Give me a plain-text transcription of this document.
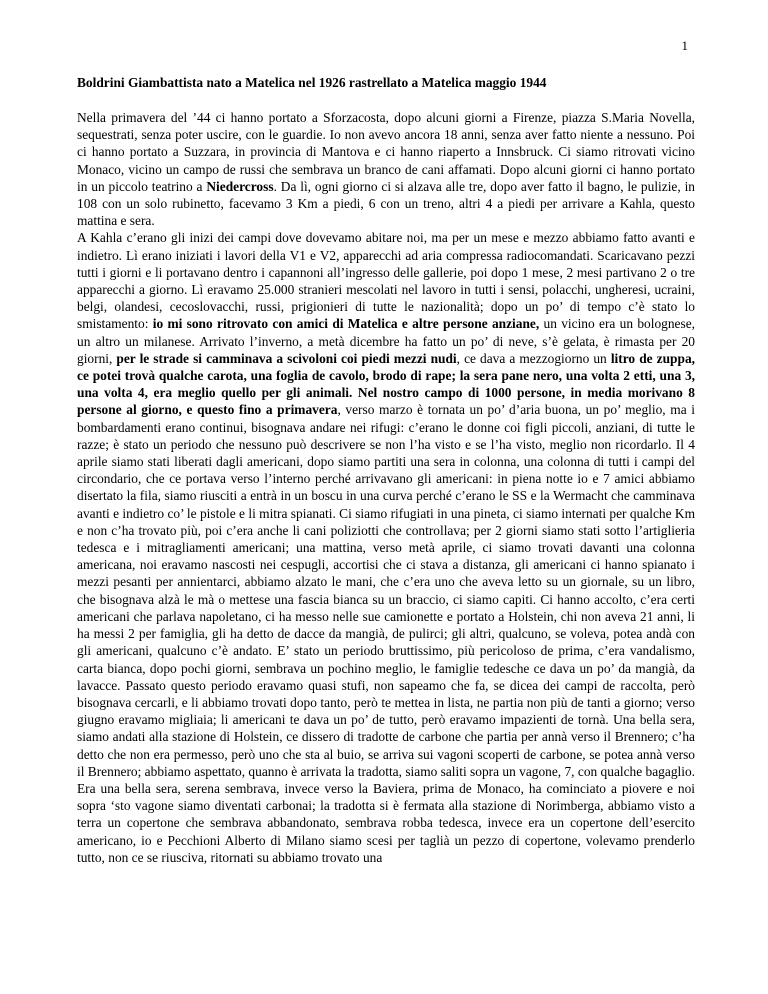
1

Boldrini Giambattista nato a Matelica nel 1926 rastrellato a Matelica maggio 1944

Nella primavera del ’44 ci hanno portato a Sforzacosta, dopo alcuni giorni a Firenze, piazza S.Maria Novella, sequestrati, senza poter uscire, con le guardie. Io non avevo ancora 18 anni, senza aver fatto niente a nessuno. Poi ci hanno portato a Suzzara, in provincia di Mantova e ci hanno riaperto a Innsbruck. Ci siamo ritrovati vicino Monaco, vicino un campo de russi che sembrava un branco de cani affamati. Dopo alcuni giorni ci hanno portato in un piccolo teatrino a Niedercross. Da lì, ogni giorno ci si alzava alle tre, dopo aver fatto il bagno, le pulizie, in 108 con un solo rubinetto, facevamo 3 Km a piedi, 6 con un treno, altri 4 a piedi per arrivare a Kahla, questo mattina e sera.

A Kahla c’erano gli inizi dei campi dove dovevamo abitare noi, ma per un mese e mezzo abbiamo fatto avanti e indietro. Lì erano iniziati i lavori della V1 e V2, apparecchi ad aria compressa radiocomandati. Scaricavano pezzi tutti i giorni e li portavano dentro i capannoni all’ingresso delle gallerie, poi dopo 1 mese, 2 mesi partivano 2 o tre apparecchi a giorno. Lì eravamo 25.000 stranieri mescolati nel lavoro in tutti i sensi, polacchi, ungheresi, ucraini, belgi, olandesi, cecoslovacchi, russi, prigionieri di tutte le nazionalità; dopo un po’ di tempo c’è stato lo smistamento: io mi sono ritrovato con amici di Matelica e altre persone anziane, un vicino era un bolognese, un altro un milanese. Arrivato l’inverno, a metà dicembre ha fatto un po’ di neve, s’è gelata, è rimasta per 20 giorni, per le strade si camminava a scivoloni coi piedi mezzi nudi, ce dava a mezzogiorno un litro de zuppa, ce potei trovà qualche carota, una foglia de cavolo, brodo di rape; la sera pane nero, una volta 2 etti, una 3, una volta 4, era meglio quello per gli animali. Nel nostro campo di 1000 persone, in media morivano 8 persone al giorno, e questo fino a primavera, verso marzo è tornata un po’ d’aria buona, un po’ meglio, ma i bombardamenti erano continui, bisognava andare nei rifugi: c’erano le donne coi figli piccoli, anziani, di tutte le razze; è stato un periodo che nessuno può descrivere se non l’ha visto e se l’ha visto, meglio non ricordarlo. Il 4 aprile siamo stati liberati dagli americani, dopo siamo partiti una sera in colonna, una colonna di tutti i campi del circondario, che ce portava verso l’interno perché arrivavano gli americani: in piena notte io e 7 amici abbiamo disertato la fila, siamo riusciti a entrà in un boscu in una curva perché c’erano le SS e la Wermacht che camminava avanti e indietro co’ le pistole e li mitra spianati. Ci siamo rifugiati in una pineta, ci siamo internati per qualche Km e non c’ha trovato più, poi c’era anche li cani poliziotti che controllava; per 2 giorni siamo stati sotto l’artiglieria tedesca e i mitragliamenti americani; una mattina, verso metà aprile, ci siamo trovati davanti una colonna americana, noi eravamo nascosti nei cespugli, accortisi che ci stava a distanza, gli americani ci hanno spianato i mezzi pesanti per annientarci, abbiamo alzato le mani, che c’era uno che aveva letto su un giornale, su un libro, che bisognava alzà le mà o mettese una fascia bianca su un braccio, ci siamo capiti. Ci hanno accolto, c’era certi americani che parlava napoletano, ci ha messo nelle sue camionette e portato a Holstein, chi non aveva 21 anni, li ha messi 2 per famiglia, gli ha detto de dacce da mangià, de pulirci; gli altri, qualcuno, se voleva, potea andà con gli americani, qualcuno c’è andato. E’ stato un periodo bruttissimo, più pericoloso de prima, c’era vandalismo, carta bianca, dopo pochi giorni, sembrava un pochino meglio, le famiglie tedesche ce dava un po’ da mangià, da lavacce. Passato questo periodo eravamo quasi stufi, non sapeamo che fa, se dicea dei campi de raccolta, però bisognava cercarli, e li abbiamo trovati dopo tanto, però te mettea in lista, ne partia non più de tanti a giorno; verso giugno eravamo migliaia; li americani te dava un po’ de tutto, però eravamo impazienti de tornà. Una bella sera, siamo andati alla stazione di Holstein, ce dissero di tradotte de carbone che partia per annà verso il Brennero; c’ha detto che non era permesso, però uno che sta al buio, se arriva sui vagoni scoperti de carbone, se potea annà verso il Brennero; abbiamo aspettato, quanno è arrivata la tradotta, siamo saliti sopra un vagone, 7, con qualche bagaglio. Era una bella sera, serena sembrava, invece verso la Baviera, prima de Monaco, ha cominciato a piovere e noi sopra ‘sto vagone siamo diventati carbonai; la tradotta si è fermata alla stazione di Norimberga, abbiamo visto a terra un copertone che sembrava abbandonato, sembrava robba tedesca, invece era un copertone dell’esercito americano, io e Pecchioni Alberto di Milano siamo scesi per taglià un pezzo di copertone, volevamo prenderlo tutto, non ce se riusciva, ritornati su abbiamo trovato una
